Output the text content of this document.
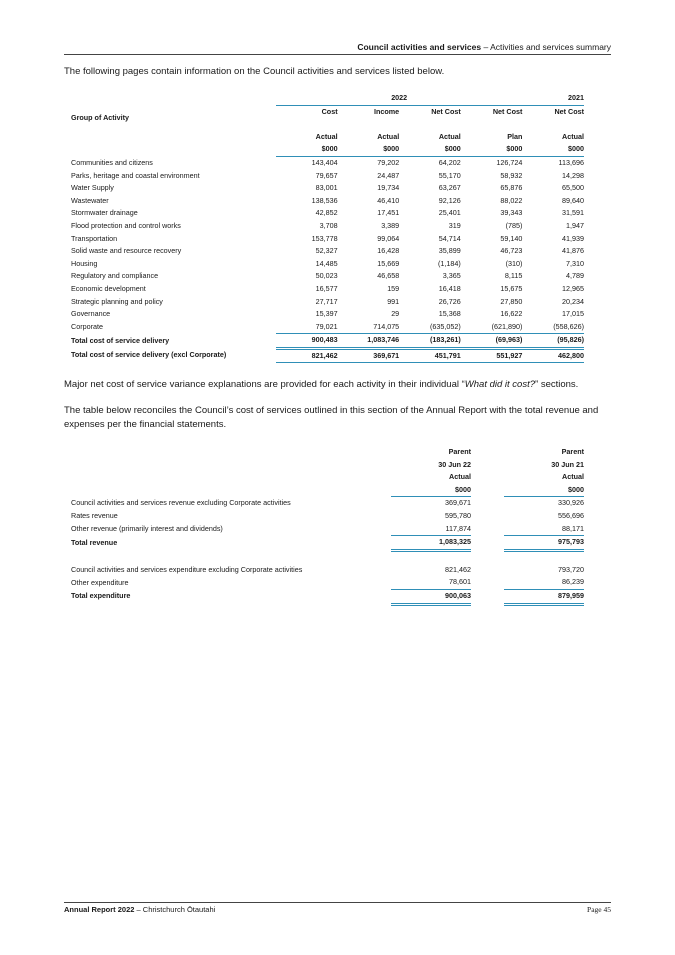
Council activities and services – Activities and services summary
The following pages contain information on the Council activities and services listed below.
	2022				2021
Group of Activity	Cost	Income	Net Cost	Net Cost	Net Cost

	Actual	Actual	Actual	Plan	Actual
	$000	$000	$000	$000	$000
Communities and citizens	143,404	79,202	64,202	126,724	113,696
Parks, heritage and coastal environment	79,657	24,487	55,170	58,932	14,298
Water Supply	83,001	19,734	63,267	65,876	65,500
Wastewater	138,536	46,410	92,126	88,022	89,640
Stormwater drainage	42,852	17,451	25,401	39,343	31,591
Flood protection and control works	3,708	3,389	319	(785)	1,947
Transportation	153,778	99,064	54,714	59,140	41,939
Solid waste and resource recovery	52,327	16,428	35,899	46,723	41,876
Housing	14,485	15,669	(1,184)	(310)	7,310
Regulatory and compliance	50,023	46,658	3,365	8,115	4,789
Economic development	16,577	159	16,418	15,675	12,965
Strategic planning and policy	27,717	991	26,726	27,850	20,234
Governance	15,397	29	15,368	16,622	17,015
Corporate	79,021	714,075	(635,052)	(621,890)	(558,626)
Total cost of service delivery	900,483	1,083,746	(183,261)	(69,963)	(95,826)
Total cost of service delivery (excl Corporate)	821,462	369,671	451,791	551,927	462,800
Major net cost of service variance explanations are provided for each activity in their individual “What did it cost?” sections.
The table below reconciles the Council’s cost of services outlined in this section of the Annual Report with the total revenue and expenses per the financial statements.
	Parent		Parent
	30 Jun 22		30 Jun 21
	Actual		Actual
	$000		$000
Council activities and services revenue excluding Corporate activities	369,671		330,926
Rates revenue	595,780		556,696
Other revenue (primarily interest and dividends)	117,874		88,171
Total revenue	1,083,325		975,793

Council activities and services expenditure excluding Corporate activities	821,462		793,720
Other expenditure	78,601		86,239
Total expenditure	900,063		879,959
Annual Report 2022 – Christchurch Ōtautahi	Page 45
